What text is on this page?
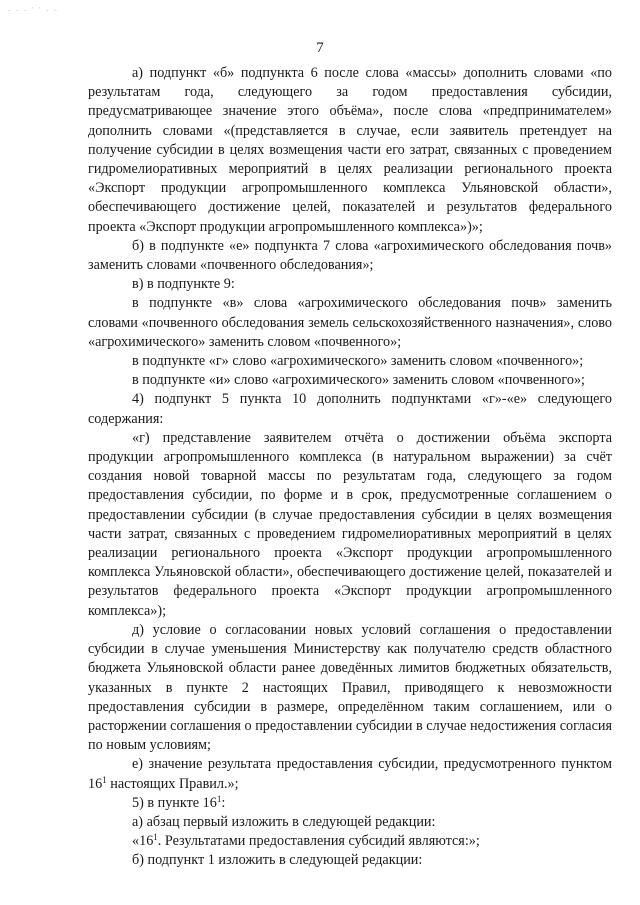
- - - ' ' - -
7

а) подпункт «б» подпункта 6 после слова «массы» дополнить словами «по результатам года, следующего за годом предоставления субсидии, предусматривающее значение этого объёма», после слова «предпринимателем» дополнить словами «(представляется в случае, если заявитель претендует на получение субсидии в целях возмещения части его затрат, связанных с проведением гидромелиоративных мероприятий в целях реализации регионального проекта «Экспорт продукции агропромышленного комплекса Ульяновской области», обеспечивающего достижение целей, показателей и результатов федерального проекта «Экспорт продукции агропромышленного комплекса»)»;

б) в подпункте «е» подпункта 7 слова «агрохимического обследования почв» заменить словами «почвенного обследования»;

в) в подпункте 9:

в подпункте «в» слова «агрохимического обследования почв» заменить словами «почвенного обследования земель сельскохозяйственного назначения», слово «агрохимического» заменить словом «почвенного»;

в подпункте «г» слово «агрохимического» заменить словом «почвенного»;

в подпункте «и» слово «агрохимического» заменить словом «почвенного»;

4) подпункт 5 пункта 10 дополнить подпунктами «г»-«е» следующего содержания:

«г) представление заявителем отчёта о достижении объёма экспорта продукции агропромышленного комплекса (в натуральном выражении) за счёт создания новой товарной массы по результатам года, следующего за годом предоставления субсидии, по форме и в срок, предусмотренные соглашением о предоставлении субсидии (в случае предоставления субсидии в целях возмещения части затрат, связанных с проведением гидромелиоративных мероприятий в целях реализации регионального проекта «Экспорт продукции агропромышленного комплекса Ульяновской области», обеспечивающего достижение целей, показателей и результатов федерального проекта «Экспорт продукции агропромышленного комплекса»);

д) условие о согласовании новых условий соглашения о предоставлении субсидии в случае уменьшения Министерству как получателю средств областного бюджета Ульяновской области ранее доведённых лимитов бюджетных обязательств, указанных в пункте 2 настоящих Правил, приводящего к невозможности предоставления субсидии в размере, определённом таким соглашением, или о расторжении соглашения о предоставлении субсидии в случае недостижения согласия по новым условиям;

е) значение результата предоставления субсидии, предусмотренного пунктом $16^1$ настоящих Правил.»;

5) в пункте $16^1$:

а) абзац первый изложить в следующей редакции:

«$16^1$. Результатами предоставления субсидий являются:»;

б) подпункт 1 изложить в следующей редакции:
